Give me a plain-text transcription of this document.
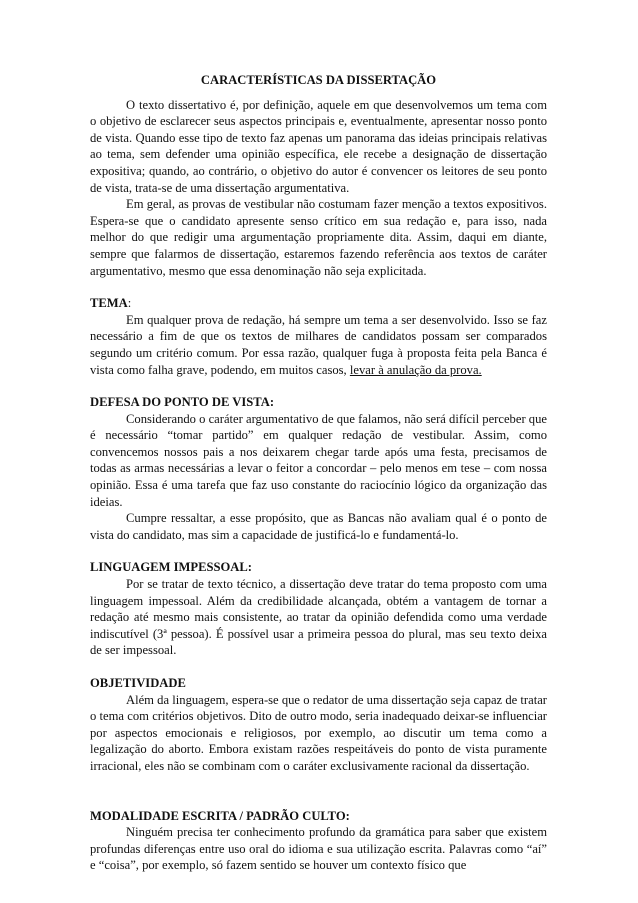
CARACTERÍSTICAS DA DISSERTAÇÃO

O texto dissertativo é, por definição, aquele em que desenvolvemos um tema com o objetivo de esclarecer seus aspectos principais e, eventualmente, apresentar nosso ponto de vista. Quando esse tipo de texto faz apenas um panorama das ideias principais relativas ao tema, sem defender uma opinião específica, ele recebe a designação de dissertação expositiva; quando, ao contrário, o objetivo do autor é convencer os leitores de seu ponto de vista, trata-se de uma dissertação argumentativa.

Em geral, as provas de vestibular não costumam fazer menção a textos expositivos. Espera-se que o candidato apresente senso crítico em sua redação e, para isso, nada melhor do que redigir uma argumentação propriamente dita. Assim, daqui em diante, sempre que falarmos de dissertação, estaremos fazendo referência aos textos de caráter argumentativo, mesmo que essa denominação não seja explicitada.

TEMA:

Em qualquer prova de redação, há sempre um tema a ser desenvolvido. Isso se faz necessário a fim de que os textos de milhares de candidatos possam ser comparados segundo um critério comum. Por essa razão, qualquer fuga à proposta feita pela Banca é vista como falha grave, podendo, em muitos casos, levar à anulação da prova.

DEFESA DO PONTO DE VISTA:

Considerando o caráter argumentativo de que falamos, não será difícil perceber que é necessário “tomar partido” em qualquer redação de vestibular. Assim, como convencemos nossos pais a nos deixarem chegar tarde após uma festa, precisamos de todas as armas necessárias a levar o feitor a concordar – pelo menos em tese – com nossa opinião. Essa é uma tarefa que faz uso constante do raciocínio lógico da organização das ideias.

Cumpre ressaltar, a esse propósito, que as Bancas não avaliam qual é o ponto de vista do candidato, mas sim a capacidade de justificá-lo e fundamentá-lo.

LINGUAGEM IMPESSOAL:

Por se tratar de texto técnico, a dissertação deve tratar do tema proposto com uma linguagem impessoal. Além da credibilidade alcançada, obtém a vantagem de tornar a redação até mesmo mais consistente, ao tratar da opinião defendida como uma verdade indiscutível (3ª pessoa). É possível usar a primeira pessoa do plural, mas seu texto deixa de ser impessoal.

OBJETIVIDADE

Além da linguagem, espera-se que o redator de uma dissertação seja capaz de tratar o tema com critérios objetivos. Dito de outro modo, seria inadequado deixar-se influenciar por aspectos emocionais e religiosos, por exemplo, ao discutir um tema como a legalização do aborto. Embora existam razões respeitáveis do ponto de vista puramente irracional, eles não se combinam com o caráter exclusivamente racional da dissertação.

MODALIDADE ESCRITA / PADRÃO CULTO:

Ninguém precisa ter conhecimento profundo da gramática para saber que existem profundas diferenças entre uso oral do idioma e sua utilização escrita. Palavras como “aí” e “coisa”, por exemplo, só fazem sentido se houver um contexto físico que
